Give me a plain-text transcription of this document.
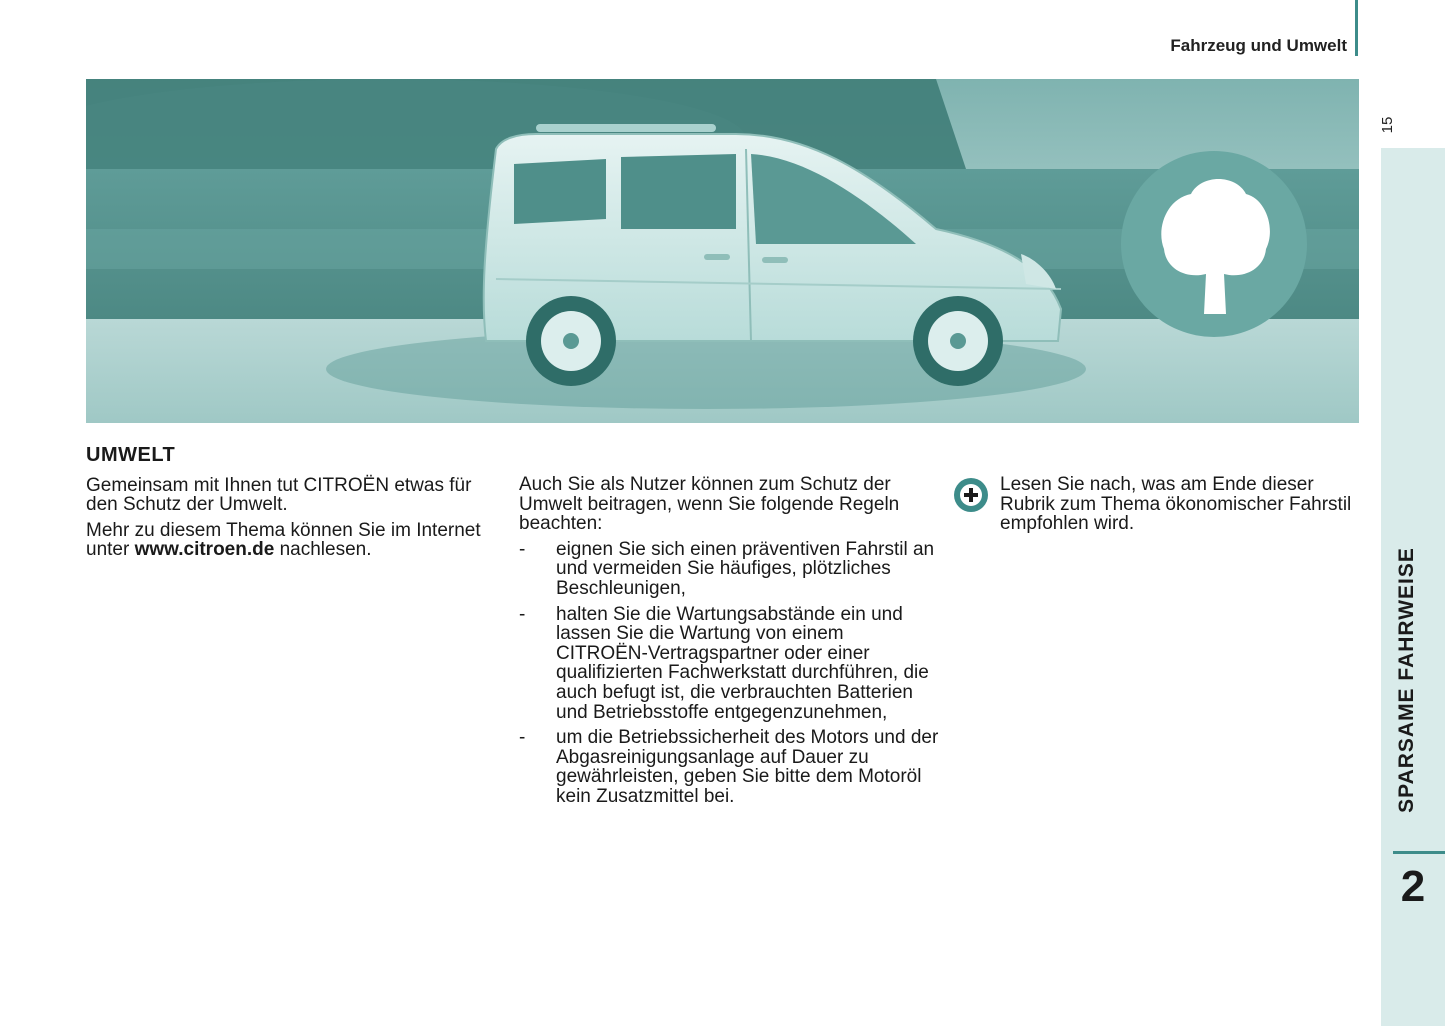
Fahrzeug und Umwelt
15
SPARSAME FAHRWEISE
2
UMWELT

Gemeinsam mit Ihnen tut CITROËN etwas für den Schutz der Umwelt.

Mehr zu diesem Thema können Sie im Internet unter www.citroen.de nachlesen.

Auch Sie als Nutzer können zum Schutz der Umwelt beitragen, wenn Sie folgende Regeln beachten:

- eignen Sie sich einen präventiven Fahrstil an und vermeiden Sie häufiges, plötzliches Beschleunigen,
- halten Sie die Wartungsabstände ein und lassen Sie die Wartung von einem CITROËN-Vertragspartner oder einer qualifizierten Fachwerkstatt durchführen, die auch befugt ist, die verbrauchten Batterien und Betriebsstoffe entgegenzunehmen,
- um die Betriebssicherheit des Motors und der Abgasreinigungsanlage auf Dauer zu gewährleisten, geben Sie bitte dem Motoröl kein Zusatzmittel bei.

Lesen Sie nach, was am Ende dieser Rubrik zum Thema ökonomischer Fahrstil empfohlen wird.
